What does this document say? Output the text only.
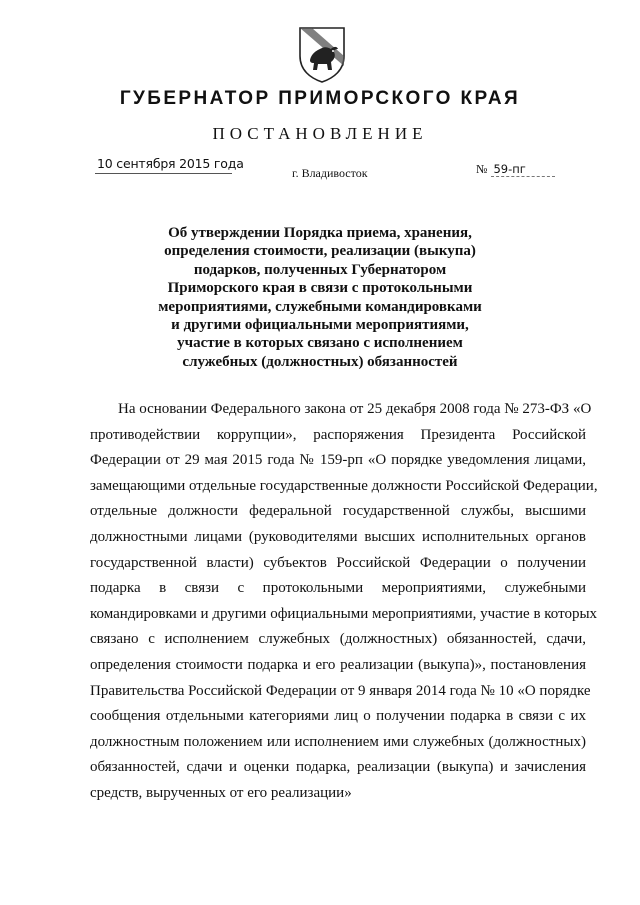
ГУБЕРНАТОР ПРИМОРСКОГО КРАЯ
ПОСТАНОВЛЕНИЕ
10 сентября 2015 года
г. Владивосток	№ 59-пг
Об утверждении Порядка приема, хранения,
определения стоимости, реализации (выкупа)
подарков, полученных Губернатором
Приморского края в связи с протокольными
мероприятиями, служебными командировками
и другими официальными мероприятиями,
участие в которых связано с исполнением
служебных (должностных) обязанностей
На основании Федерального закона от 25 декабря 2008 года № 273-ФЗ «О
противодействии коррупции», распоряжения Президента Российской
Федерации от 29 мая 2015 года № 159-рп «О порядке уведомления лицами,
замещающими отдельные государственные должности Российской Федерации,
отдельные должности федеральной государственной службы, высшими
должностными лицами (руководителями высших исполнительных органов
государственной власти) субъектов Российской Федерации о получении
подарка в связи с протокольными мероприятиями, служебными
командировками и другими официальными мероприятиями, участие в которых
связано с исполнением служебных (должностных) обязанностей, сдачи,
определения стоимости подарка и его реализации (выкупа)», постановления
Правительства Российской Федерации от 9 января 2014 года № 10 «О порядке
сообщения отдельными категориями лиц о получении подарка в связи с их
должностным положением или исполнением ими служебных (должностных)
обязанностей, сдачи и оценки подарка, реализации (выкупа) и зачисления
средств, вырученных от его реализации»
